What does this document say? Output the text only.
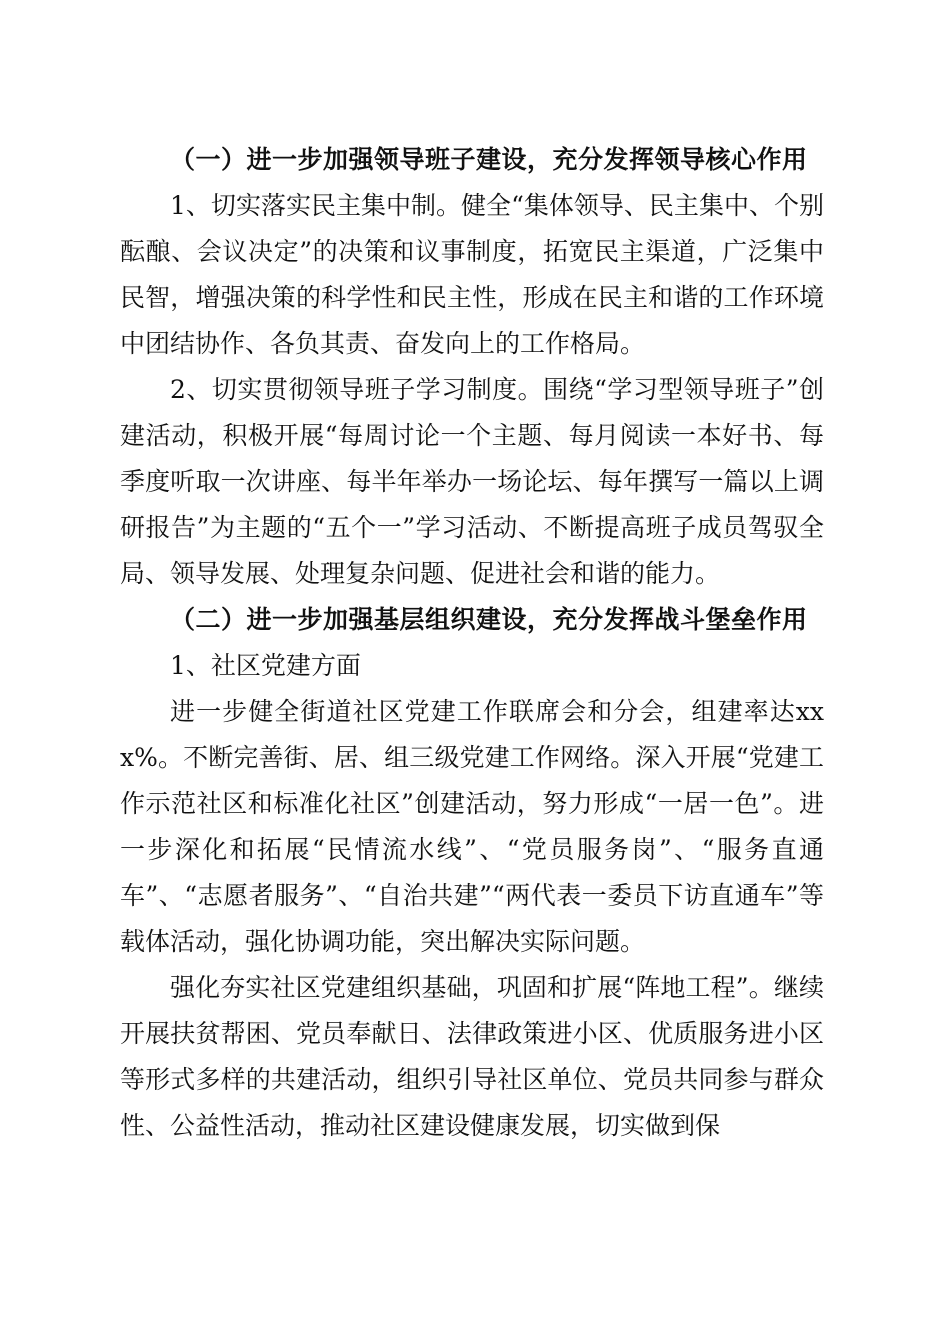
（一）进一步加强领导班子建设，充分发挥领导核心作用

1、切实落实民主集中制。健全“集体领导、民主集中、个别酝酿、会议决定”的决策和议事制度，拓宽民主渠道，广泛集中民智，增强决策的科学性和民主性，形成在民主和谐的工作环境中团结协作、各负其责、奋发向上的工作格局。

2、切实贯彻领导班子学习制度。围绕“学习型领导班子”创建活动，积极开展“每周讨论一个主题、每月阅读一本好书、每季度听取一次讲座、每半年举办一场论坛、每年撰写一篇以上调研报告”为主题的“五个一”学习活动、不断提高班子成员驾驭全局、领导发展、处理复杂问题、促进社会和谐的能力。

（二）进一步加强基层组织建设，充分发挥战斗堡垒作用

1、社区党建方面

进一步健全街道社区党建工作联席会和分会，组建率达xxx%。不断完善街、居、组三级党建工作网络。深入开展“党建工作示范社区和标准化社区”创建活动，努力形成“一居一色”。进一步深化和拓展“民情流水线”、“党员服务岗”、“服务直通车”、“志愿者服务”、“自治共建”“两代表一委员下访直通车”等载体活动，强化协调功能，突出解决实际问题。

强化夯实社区党建组织基础，巩固和扩展“阵地工程”。继续开展扶贫帮困、党员奉献日、法律政策进小区、优质服务进小区等形式多样的共建活动，组织引导社区单位、党员共同参与群众性、公益性活动，推动社区建设健康发展，切实做到保
